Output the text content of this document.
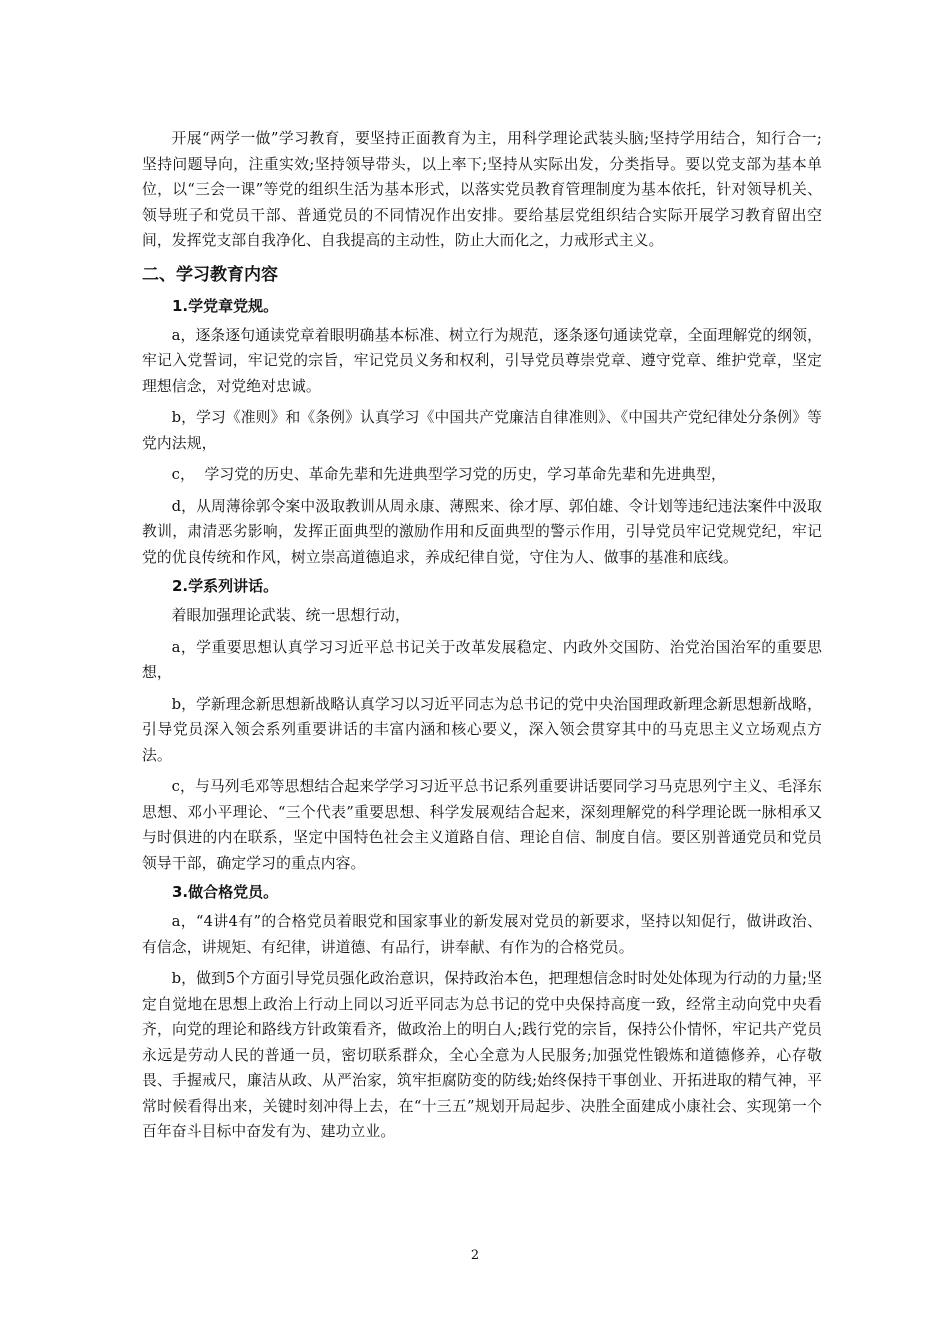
开展“两学一做”学习教育，要坚持正面教育为主，用科学理论武装头脑;坚持学用结合，知行合一;坚持问题导向，注重实效;坚持领导带头，以上率下;坚持从实际出发，分类指导。要以党支部为基本单位，以“三会一课”等党的组织生活为基本形式，以落实党员教育管理制度为基本依托，针对领导机关、领导班子和党员干部、普通党员的不同情况作出安排。要给基层党组织结合实际开展学习教育留出空间，发挥党支部自我净化、自我提高的主动性，防止大而化之，力戒形式主义。

二、学习教育内容
1.学党章党规。

a，逐条逐句通读党章着眼明确基本标准、树立行为规范，逐条逐句通读党章，全面理解党的纲领，牢记入党誓词，牢记党的宗旨，牢记党员义务和权利，引导党员尊崇党章、遵守党章、维护党章，坚定理想信念，对党绝对忠诚。

b，学习《准则》和《条例》认真学习《中国共产党廉洁自律准则》、《中国共产党纪律处分条例》等党内法规，

c，  学习党的历史、革命先辈和先进典型学习党的历史，学习革命先辈和先进典型，

d，从周薄徐郭令案中汲取教训从周永康、薄熙来、徐才厚、郭伯雄、令计划等违纪违法案件中汲取教训，肃清恶劣影响，发挥正面典型的激励作用和反面典型的警示作用，引导党员牢记党规党纪，牢记党的优良传统和作风，树立崇高道德追求，养成纪律自觉，守住为人、做事的基准和底线。

2.学系列讲话。

着眼加强理论武装、统一思想行动，

a，学重要思想认真学习习近平总书记关于改革发展稳定、内政外交国防、治党治国治军的重要思想，

b，学新理念新思想新战略认真学习以习近平同志为总书记的党中央治国理政新理念新思想新战略，引导党员深入领会系列重要讲话的丰富内涵和核心要义，深入领会贯穿其中的马克思主义立场观点方法。

c，与马列毛邓等思想结合起来学学习习近平总书记系列重要讲话要同学习马克思列宁主义、毛泽东思想、邓小平理论、“三个代表”重要思想、科学发展观结合起来，深刻理解党的科学理论既一脉相承又与时俱进的内在联系，坚定中国特色社会主义道路自信、理论自信、制度自信。要区别普通党员和党员领导干部，确定学习的重点内容。

3.做合格党员。

a，“4讲4有”的合格党员着眼党和国家事业的新发展对党员的新要求，坚持以知促行，做讲政治、有信念，讲规矩、有纪律，讲道德、有品行，讲奉献、有作为的合格党员。

b，做到5个方面引导党员强化政治意识，保持政治本色，把理想信念时时处处体现为行动的力量;坚定自觉地在思想上政治上行动上同以习近平同志为总书记的党中央保持高度一致，经常主动向党中央看齐，向党的理论和路线方针政策看齐，做政治上的明白人;践行党的宗旨，保持公仆情怀，牢记共产党员永远是劳动人民的普通一员，密切联系群众，全心全意为人民服务;加强党性锻炼和道德修养，心存敬畏、手握戒尺，廉洁从政、从严治家，筑牢拒腐防变的防线;始终保持干事创业、开拓进取的精气神，平常时候看得出来，关键时刻冲得上去，在“十三五”规划开局起步、决胜全面建成小康社会、实现第一个百年奋斗目标中奋发有为、建功立业。

2
